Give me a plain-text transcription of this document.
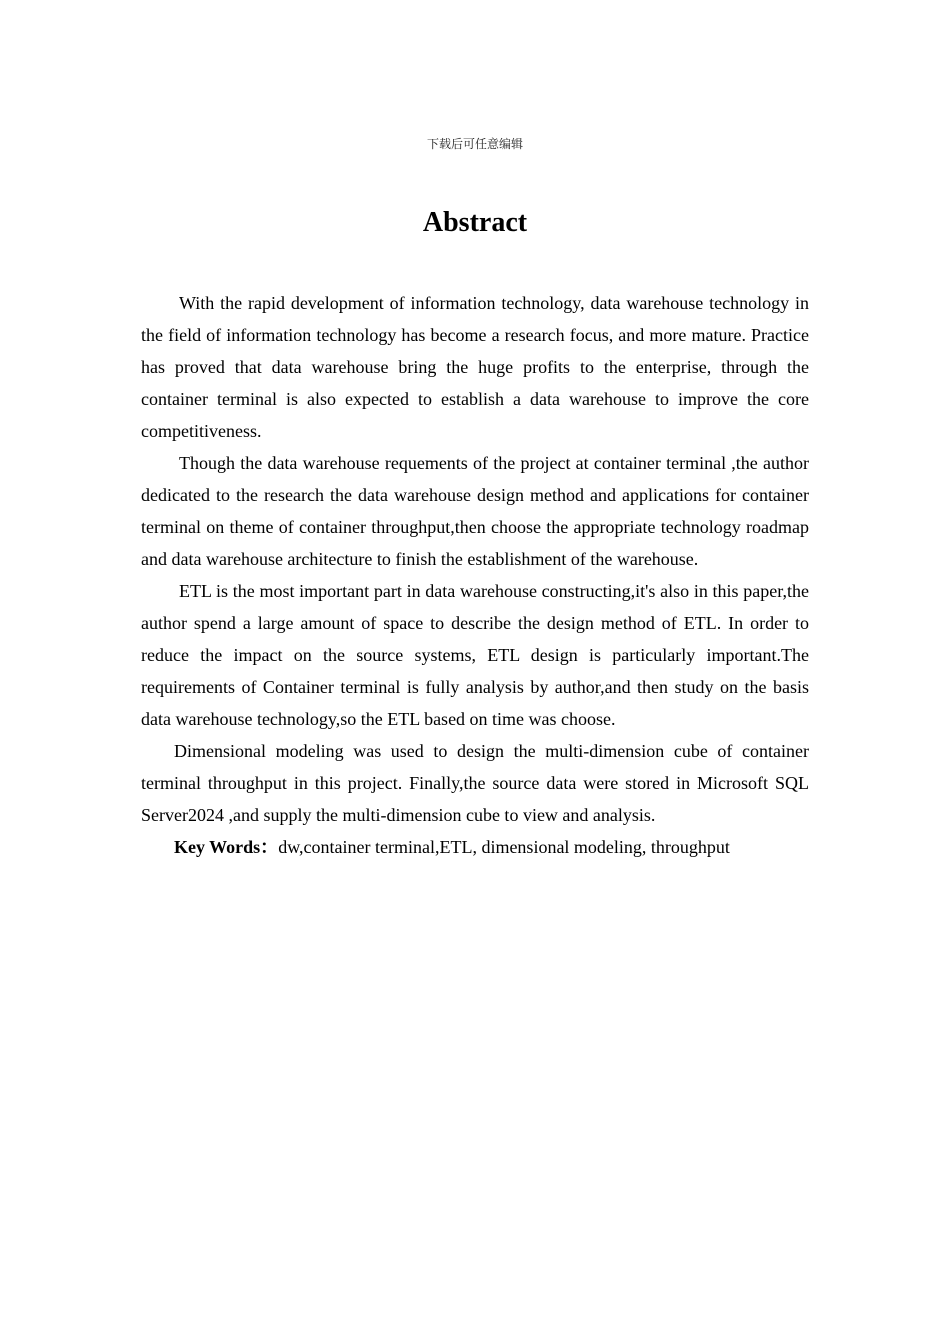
下载后可任意编辑
Abstract

With the rapid development of information technology, data warehouse technology in the field of information technology has become a research focus, and more mature. Practice has proved that data warehouse bring the huge profits to the enterprise, through the container terminal is also expected to establish a data warehouse to improve the core competitiveness.

Though the data warehouse requements of the project at container terminal ,the author dedicated to the research the data warehouse design method and applications for container terminal on theme of container throughput,then choose the appropriate technology roadmap and data warehouse architecture to finish the establishment of the warehouse.

ETL is the most important part in data warehouse constructing,it's also in this paper,the author spend a large amount of space to describe the design method of ETL. In order to reduce the impact on the source systems, ETL design is particularly important.The requirements of Container terminal is fully analysis by author,and then study on the basis data warehouse technology,so the ETL based on time was choose.

Dimensional modeling was used to design the multi-dimension cube of container terminal throughput in this project. Finally,the source data were stored in Microsoft SQL Server2024 ,and supply the multi-dimension cube to view and analysis.

Key Words：dw,container terminal,ETL, dimensional modeling, throughput
